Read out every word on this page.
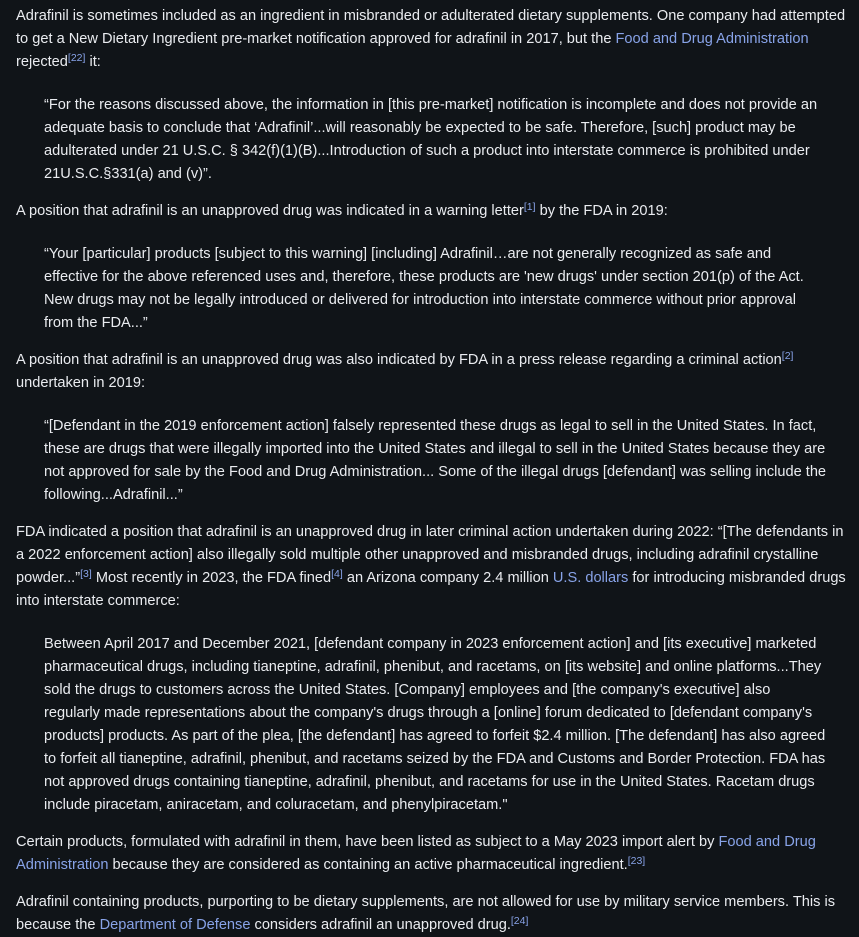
Adrafinil is sometimes included as an ingredient in misbranded or adulterated dietary supplements. One company had attempted to get a New Dietary Ingredient pre-market notification approved for adrafinil in 2017, but the Food and Drug Administration rejected[22] it:

“For the reasons discussed above, the information in [this pre-market] notification is incomplete and does not provide an adequate basis to conclude that ‘Adrafinil’...will reasonably be expected to be safe. Therefore, [such] product may be adulterated under 21 U.S.C. § 342(f)(1)(B)...Introduction of such a product into interstate commerce is prohibited under 21U.S.C.§331(a) and (v)”.

A position that adrafinil is an unapproved drug was indicated in a warning letter[1] by the FDA in 2019:

“Your [particular] products [subject to this warning] [including] Adrafinil…are not generally recognized as safe and effective for the above referenced uses and, therefore, these products are 'new drugs' under section 201(p) of the Act. New drugs may not be legally introduced or delivered for introduction into interstate commerce without prior approval from the FDA...”

A position that adrafinil is an unapproved drug was also indicated by FDA in a press release regarding a criminal action[2] undertaken in 2019:

“[Defendant in the 2019 enforcement action] falsely represented these drugs as legal to sell in the United States. In fact, these are drugs that were illegally imported into the United States and illegal to sell in the United States because they are not approved for sale by the Food and Drug Administration... Some of the illegal drugs [defendant] was selling include the following...Adrafinil...”

FDA indicated a position that adrafinil is an unapproved drug in later criminal action undertaken during 2022: “[The defendants in a 2022 enforcement action] also illegally sold multiple other unapproved and misbranded drugs, including adrafinil crystalline powder...”[3] Most recently in 2023, the FDA fined[4] an Arizona company 2.4 million U.S. dollars for introducing misbranded drugs into interstate commerce:

Between April 2017 and December 2021, [defendant company in 2023 enforcement action] and [its executive] marketed pharmaceutical drugs, including tianeptine, adrafinil, phenibut, and racetams, on [its website] and online platforms...They sold the drugs to customers across the United States. [Company] employees and [the company's executive] also regularly made representations about the company's drugs through a [online] forum dedicated to [defendant company's products] products. As part of the plea, [the defendant] has agreed to forfeit $2.4 million. [The defendant] has also agreed to forfeit all tianeptine, adrafinil, phenibut, and racetams seized by the FDA and Customs and Border Protection. FDA has not approved drugs containing tianeptine, adrafinil, phenibut, and racetams for use in the United States. Racetam drugs include piracetam, aniracetam, and coluracetam, and phenylpiracetam."

Certain products, formulated with adrafinil in them, have been listed as subject to a May 2023 import alert by Food and Drug Administration because they are considered as containing an active pharmaceutical ingredient.[23]

Adrafinil containing products, purporting to be dietary supplements, are not allowed for use by military service members. This is because the Department of Defense considers adrafinil an unapproved drug.[24]
